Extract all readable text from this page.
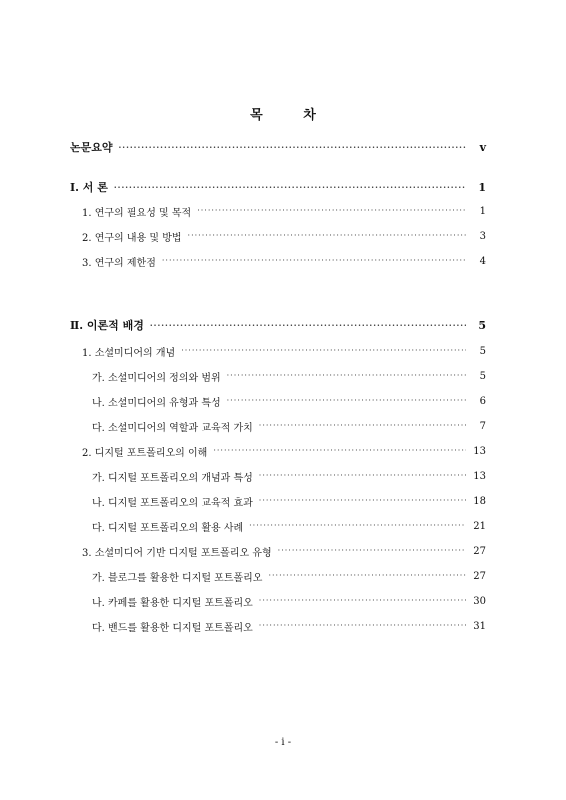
목 차
논문요약 ·····	v
Ⅰ. 서 론 ·····	1
1. 연구의 필요성 및 목적 ·····	1
2. 연구의 내용 및 방법 ·····	3
3. 연구의 제한점 ·····	4
Ⅱ. 이론적 배경 ·····	5
1. 소셜미디어의 개념 ·····	5
가. 소셜미디어의 정의와 범위 ·····	5
나. 소셜미디어의 유형과 특성 ·····	6
다. 소셜미디어의 역할과 교육적 가치 ·····	7
2. 디지털 포트폴리오의 이해 ·····	13
가. 디지털 포트폴리오의 개념과 특성 ·····	13
나. 디지털 포트폴리오의 교육적 효과 ·····	18
다. 디지털 포트폴리오의 활용 사례 ·····	21
3. 소셜미디어 기반 디지털 포트폴리오 유형 ·····	27
가. 블로그를 활용한 디지털 포트폴리오 ·····	27
나. 카페를 활용한 디지털 포트폴리오 ·····	30
다. 밴드를 활용한 디지털 포트폴리오 ·····	31
- i -
